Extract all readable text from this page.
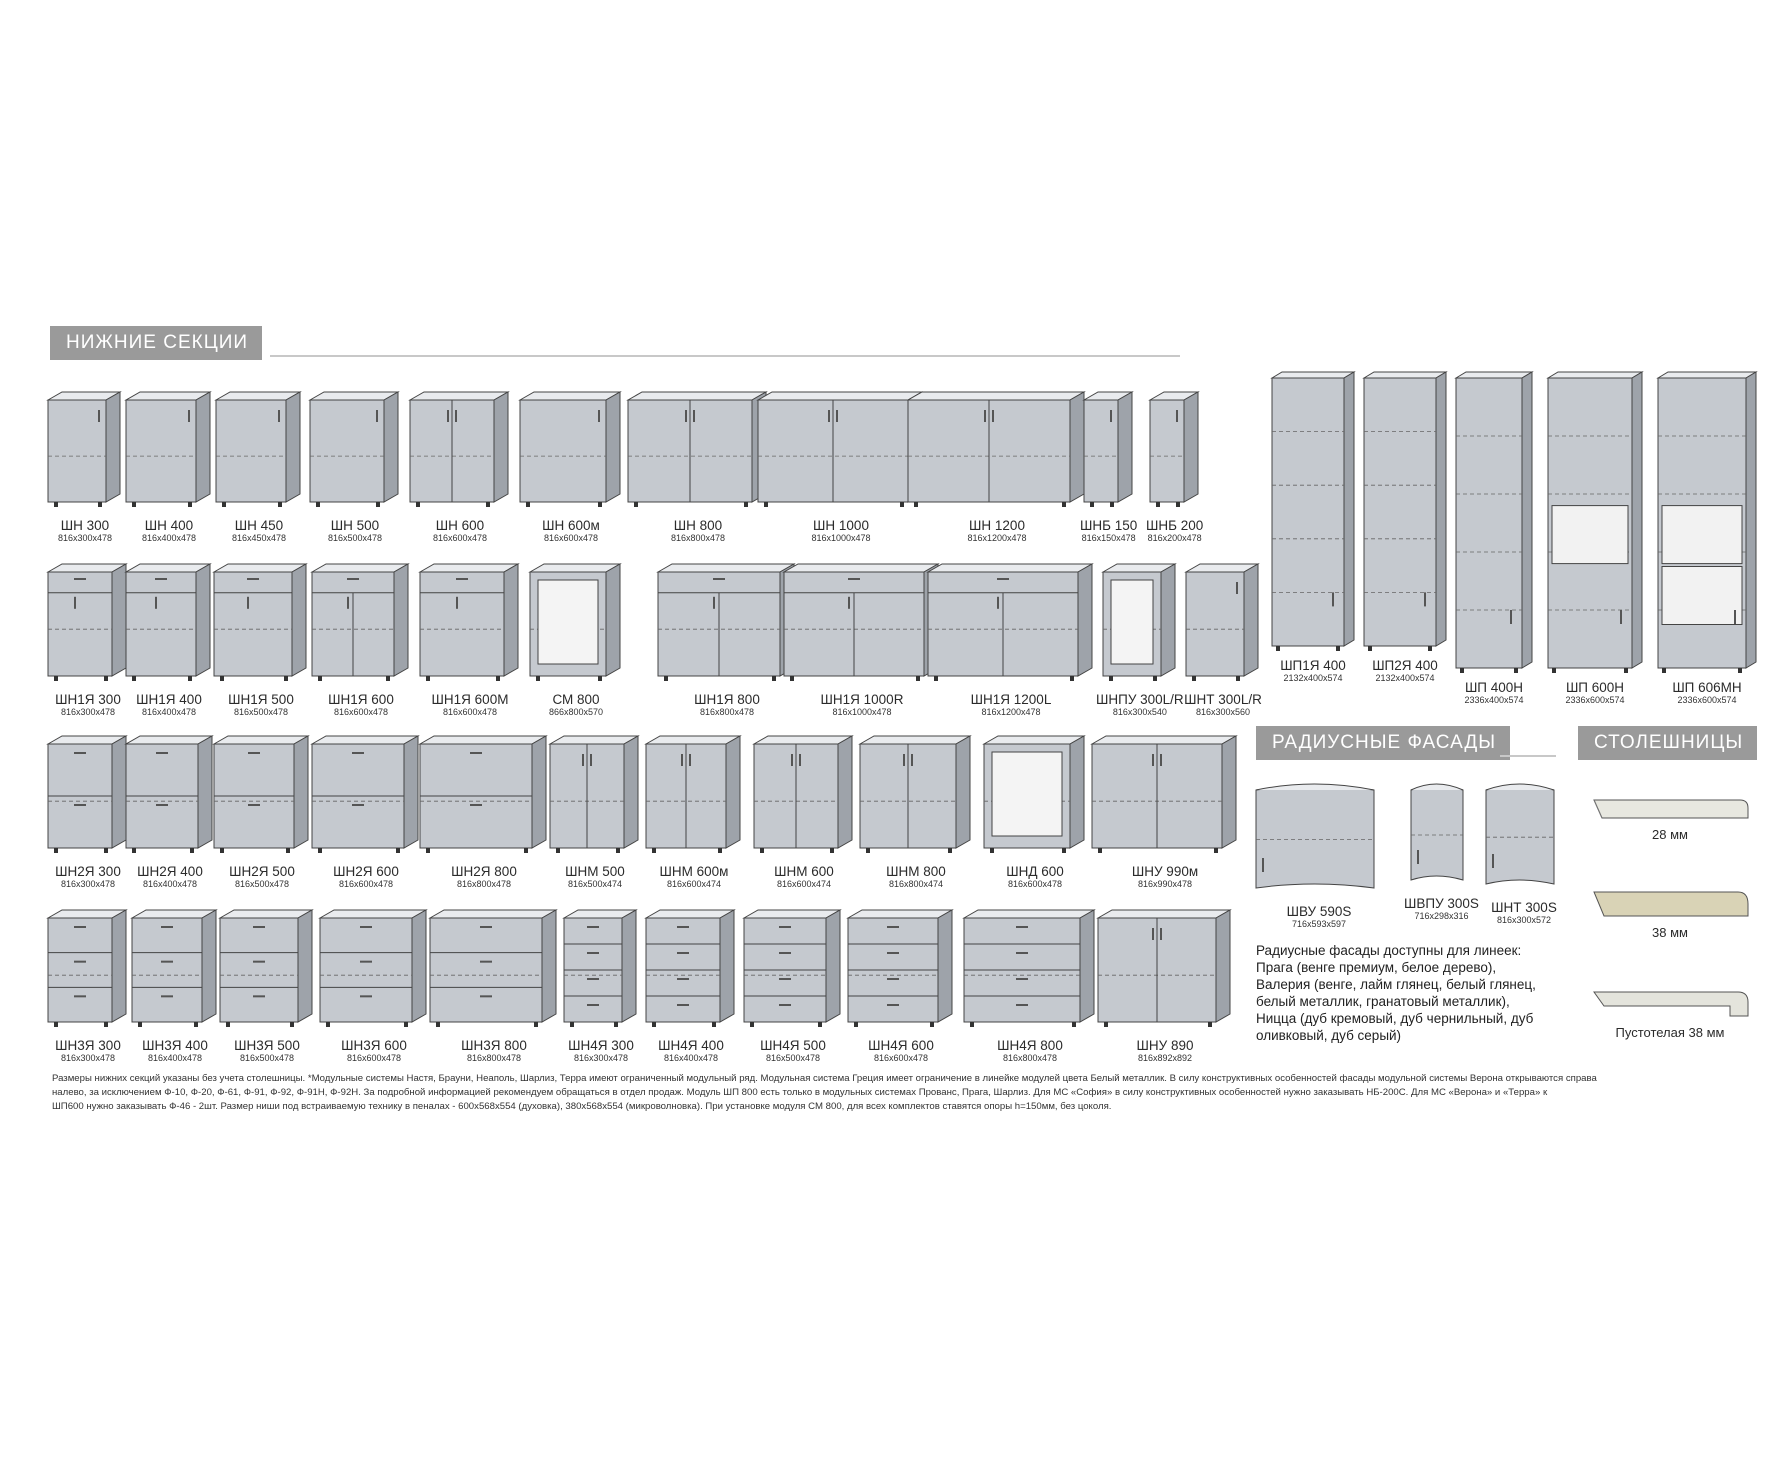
НИЖНИЕ СЕКЦИИ
РАДИУСНЫЕ ФАСАДЫ	СТОЛЕШНИЦЫ
ШН 300
816x300x478
ШН 400
816x400x478
ШН 450
816x450x478
ШН 500
816x500x478
ШН 600
816x600x478
ШН 600м
816x600x478
ШН 800
816x800x478
ШН 1000
816x1000x478
ШН 1200
816x1200x478
ШНБ 150
816x150x478
ШНБ 200
816x200x478
ШН1Я 300
816x300x478
ШН1Я 400
816x400x478
ШН1Я 500
816x500x478
ШН1Я 600
816x600x478
ШН1Я 600М
816x600x478
СМ 800
866x800x570
ШН1Я 800
816x800x478
ШН1Я 1000R
816x1000x478
ШН1Я 1200L
816x1200x478
ШНПУ 300L/R
816x300x540
ШНТ 300L/R
816x300x560
ШН2Я 300
816x300x478
ШН2Я 400
816x400x478
ШН2Я 500
816x500x478
ШН2Я 600
816x600x478
ШН2Я 800
816x800x478
ШНМ 500
816x500x474
ШНМ 600м
816x600x474
ШНМ 600
816x600x474
ШНМ 800
816x800x474
ШНД 600
816x600x478
ШНУ 990м
816x990x478
ШН3Я 300
816x300x478
ШН3Я 400
816x400x478
ШН3Я 500
816x500x478
ШН3Я 600
816x600x478
ШН3Я 800
816x800x478
ШН4Я 300
816x300x478
ШН4Я 400
816x400x478
ШН4Я 500
816x500x478
ШН4Я 600
816x600x478
ШН4Я 800
816x800x478
ШНУ 890
816x892x892
ШП1Я 400
2132x400x574
ШП2Я 400
2132x400x574
ШП 400Н
2336x400x574
ШП 600Н
2336x600x574
ШП 606МН
2336x600x574
ШВУ 590S
716x593x597
ШВПУ 300S
716x298x316
ШНТ 300S
816x300x572
Радиусные фасады доступны для линеек:
Прага (венге премиум, белое дерево),
Валерия (венге, лайм глянец, белый глянец,
белый металлик, гранатовый металлик),
Ницца (дуб кремовый, дуб чернильный, дуб
оливковый, дуб серый)
28 мм
38 мм
Пустотелая 38 мм
Размеры нижних секций указаны без учета столешницы. *Модульные системы Настя, Брауни, Неаполь, Шарлиз, Терра имеют ограниченный модульный ряд. Модульная система Греция имеет ограничение в линейке модулей цвета Белый металлик. В силу конструктивных особенностей фасады модульной системы Верона открываются справа
налево, за исключением Ф-10, Ф-20, Ф-61, Ф-91, Ф-92, Ф-91Н, Ф-92Н. За подробной информацией рекомендуем обращаться в отдел продаж. Модуль ШП 800 есть только в модульных системах Прованс, Прага, Шарлиз. Для МС «София» в силу конструктивных особенностей нужно заказывать НБ-200С. Для МС «Верона» и «Терра» к
ШП600 нужно заказывать Ф-46 - 2шт. Размер ниши под встраиваемую технику в пеналах - 600x568x554 (духовка), 380x568x554 (микроволновка). При установке модуля СМ 800, для всех комплектов ставятся опоры h=150мм, без цоколя.
